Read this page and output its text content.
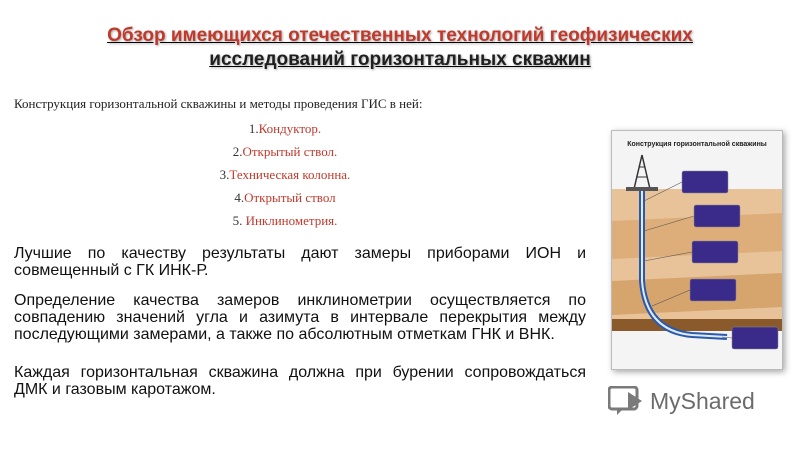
Обзор имеющихся отечественных технологий геофизических
исследований горизонтальных скважин
Конструкция горизонтальной скважины и методы проведения ГИС в ней:
1.Кондуктор.
2.Открытый ствол.
3.Техническая колонна.
4.Открытый ствол
5. Инклинометрия.
Лучшие по качеству результаты дают замеры приборами ИОН и совмещенный с ГК ИНК-Р.
Определение качества замеров инклинометрии осуществляется по совпадению значений угла и азимута в интервале перекрытия между последующими замерами, а также по абсолютным отметкам ГНК и ВНК.
Каждая горизонтальная скважина должна при бурении сопровождаться ДМК и газовым каротажом.
Конструкция горизонтальной скважины
MyShared
